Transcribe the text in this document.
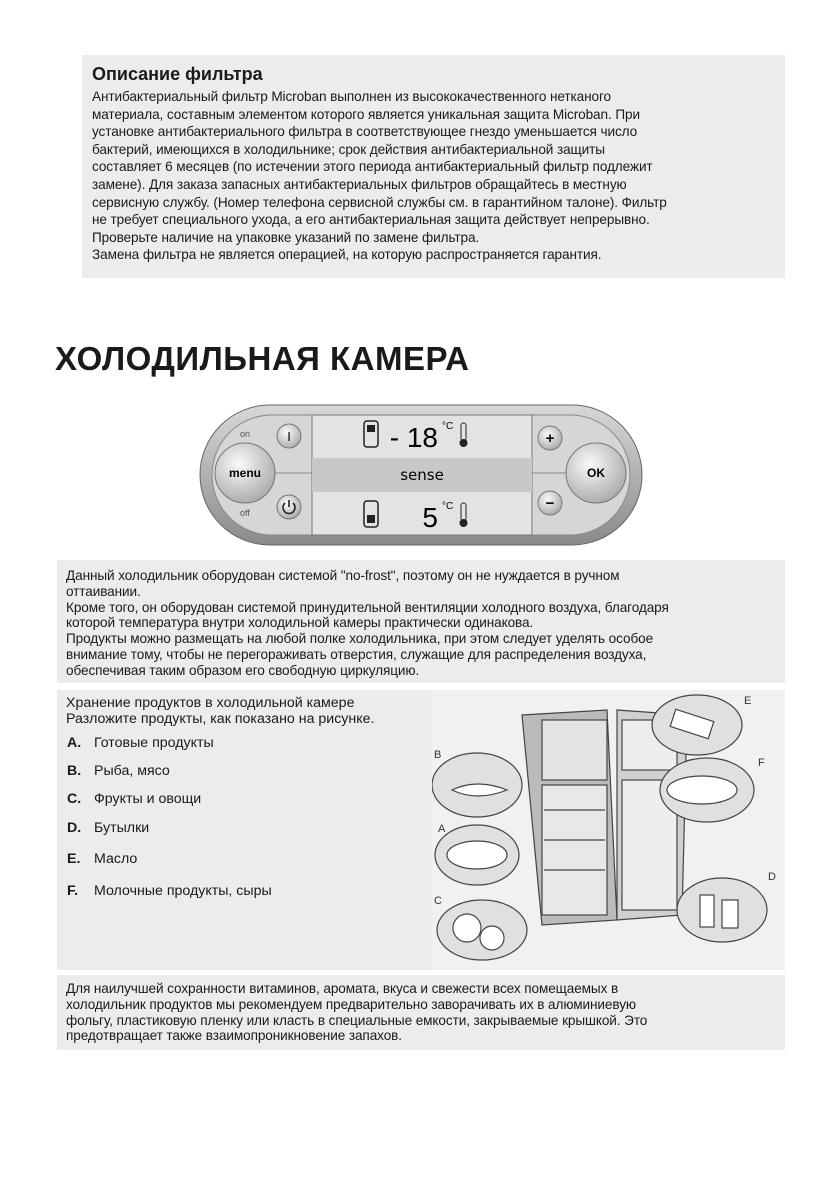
Описание фильтра
Антибактериальный фильтр Microban выполнен из высококачественного нетканого
материала, составным элементом которого является уникальная защита Microban. При
установке антибактериального фильтра в соответствующее гнездо уменьшается число
бактерий, имеющихся в холодильнике; срок действия антибактериальной защиты
составляет 6 месяцев (по истечении этого периода антибактериальный фильтр подлежит
замене). Для заказа запасных антибактериальных фильтров обращайтесь в местную
сервисную службу. (Номер телефона сервисной службы см. в гарантийном талоне). Фильтр
не требует специального ухода, а его антибактериальная защита действует непрерывно.
Проверьте наличие на упаковке указаний по замене фильтра.
Замена фильтра не является операцией, на которую распространяется гарантия.
ХОЛОДИЛЬНАЯ КАМЕРА
menu
on
off
I	+
−
OK
- 18 °C
sense
5 °C
Данный холодильник оборудован системой "no-frost", поэтому он не нуждается в ручном
оттаивании.
Кроме того, он оборудован системой принудительной вентиляции холодного воздуха, благодаря
которой температура внутри холодильной камеры практически одинакова.
Продукты можно размещать на любой полке холодильника, при этом следует уделять особое
внимание тому, чтобы не перегораживать отверстия, служащие для распределения воздуха,
обеспечивая таким образом его свободную циркуляцию.
Хранение продуктов в холодильной камере
Разложите продукты, как показано на рисунке.
A. Готовые продукты
B. Рыба, мясо
C. Фрукты и овощи
D. Бутылки
E. Масло
F. Молочные продукты, сыры
E
F
B
A
C
D
Для наилучшей сохранности витаминов, аромата, вкуса и свежести всех помещаемых в
холодильник продуктов мы рекомендуем предварительно заворачивать их в алюминиевую
фольгу, пластиковую пленку или класть в специальные емкости, закрываемые крышкой. Это
предотвращает также взаимопроникновение запахов.
